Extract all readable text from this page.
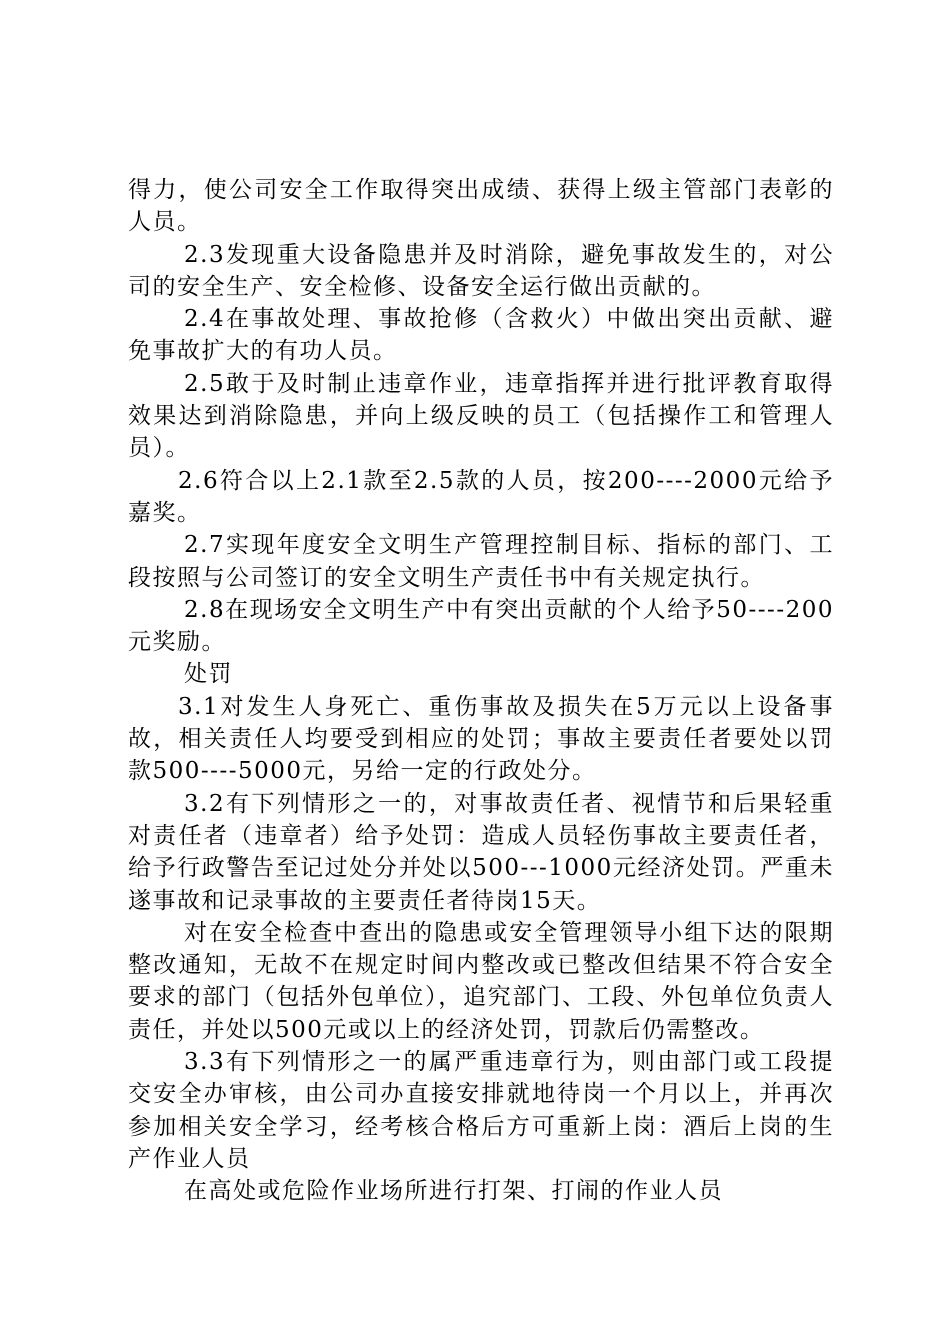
得力，使公司安全工作取得突出成绩、获得上级主管部门表彰的人员。

2.3发现重大设备隐患并及时消除，避免事故发生的，对公司的安全生产、安全检修、设备安全运行做出贡献的。

2.4在事故处理、事故抢修（含救火）中做出突出贡献、避免事故扩大的有功人员。

2.5敢于及时制止违章作业，违章指挥并进行批评教育取得效果达到消除隐患，并向上级反映的员工（包括操作工和管理人员）。

2.6符合以上2.1款至2.5款的人员，按200----2000元给予嘉奖。

2.7实现年度安全文明生产管理控制目标、指标的部门、工段按照与公司签订的安全文明生产责任书中有关规定执行。

2.8在现场安全文明生产中有突出贡献的个人给予50----200元奖励。

处罚

3.1对发生人身死亡、重伤事故及损失在5万元以上设备事故，相关责任人均要受到相应的处罚；事故主要责任者要处以罚款500----5000元，另给一定的行政处分。

3.2有下列情形之一的，对事故责任者、视情节和后果轻重对责任者（违章者）给予处罚：造成人员轻伤事故主要责任者，给予行政警告至记过处分并处以500---1000元经济处罚。严重未遂事故和记录事故的主要责任者待岗15天。

对在安全检查中查出的隐患或安全管理领导小组下达的限期整改通知，无故不在规定时间内整改或已整改但结果不符合安全要求的部门（包括外包单位），追究部门、工段、外包单位负责人责任，并处以500元或以上的经济处罚，罚款后仍需整改。

3.3有下列情形之一的属严重违章行为，则由部门或工段提交安全办审核，由公司办直接安排就地待岗一个月以上，并再次参加相关安全学习，经考核合格后方可重新上岗：酒后上岗的生产作业人员

在高处或危险作业场所进行打架、打闹的作业人员
